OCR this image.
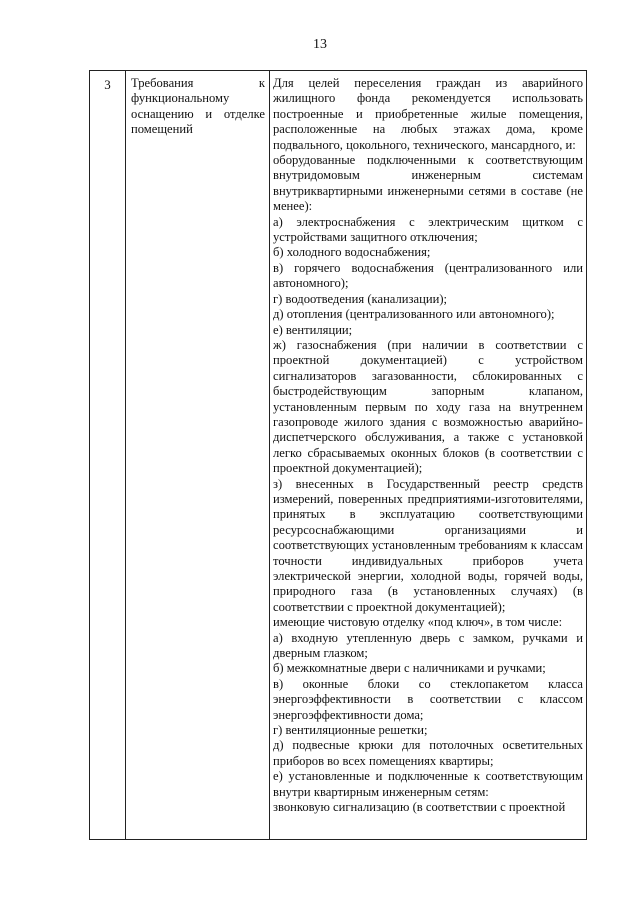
13
3	Требования к функциональному оснащению и отделке помещений	

Для целей переселения граждан из аварийного жилищного фонда рекомендуется использовать построенные и приобретенные жилые помещения, расположенные на любых этажах дома, кроме подвального, цокольного, технического, мансардного, и:

оборудованные подключенными к соответствующим внутридомовым инженерным системам внутриквартирными инженерными сетями в составе (не менее):

а) электроснабжения с электрическим щитком с устройствами защитного отключения;

б) холодного водоснабжения;

в) горячего водоснабжения (централизованного или автономного);

г) водоотведения (канализации);

д) отопления (централизованного или автономного);

е) вентиляции;

ж) газоснабжения (при наличии в соответствии с проектной документацией) с устройством сигнализаторов загазованности, сблокированных с быстродействующим запорным клапаном, установленным первым по ходу газа на внутреннем газопроводе жилого здания с возможностью аварийно-диспетчерского обслуживания, а также с установкой легко сбрасываемых оконных блоков (в соответствии с проектной документацией);

з) внесенных в Государственный реестр средств измерений, поверенных предприятиями-изготовителями, принятых в эксплуатацию соответствующими ресурсоснабжающими организациями и соответствующих установленным требованиям к классам точности индивидуальных приборов учета электрической энергии, холодной воды, горячей воды, природного газа (в установленных случаях) (в соответствии с проектной документацией);

имеющие чистовую отделку «под ключ», в том числе:

а) входную утепленную дверь с замком, ручками и дверным глазком;

б) межкомнатные двери с наличниками и ручками;

в) оконные блоки со стеклопакетом класса энергоэффективности в соответствии с классом энергоэффективности дома;

г) вентиляционные решетки;

д) подвесные крюки для потолочных осветительных приборов во всех помещениях квартиры;

е) установленные и подключенные к соответствующим внутри квартирным инженерным сетям:

звонковую сигнализацию (в соответствии с проектной
